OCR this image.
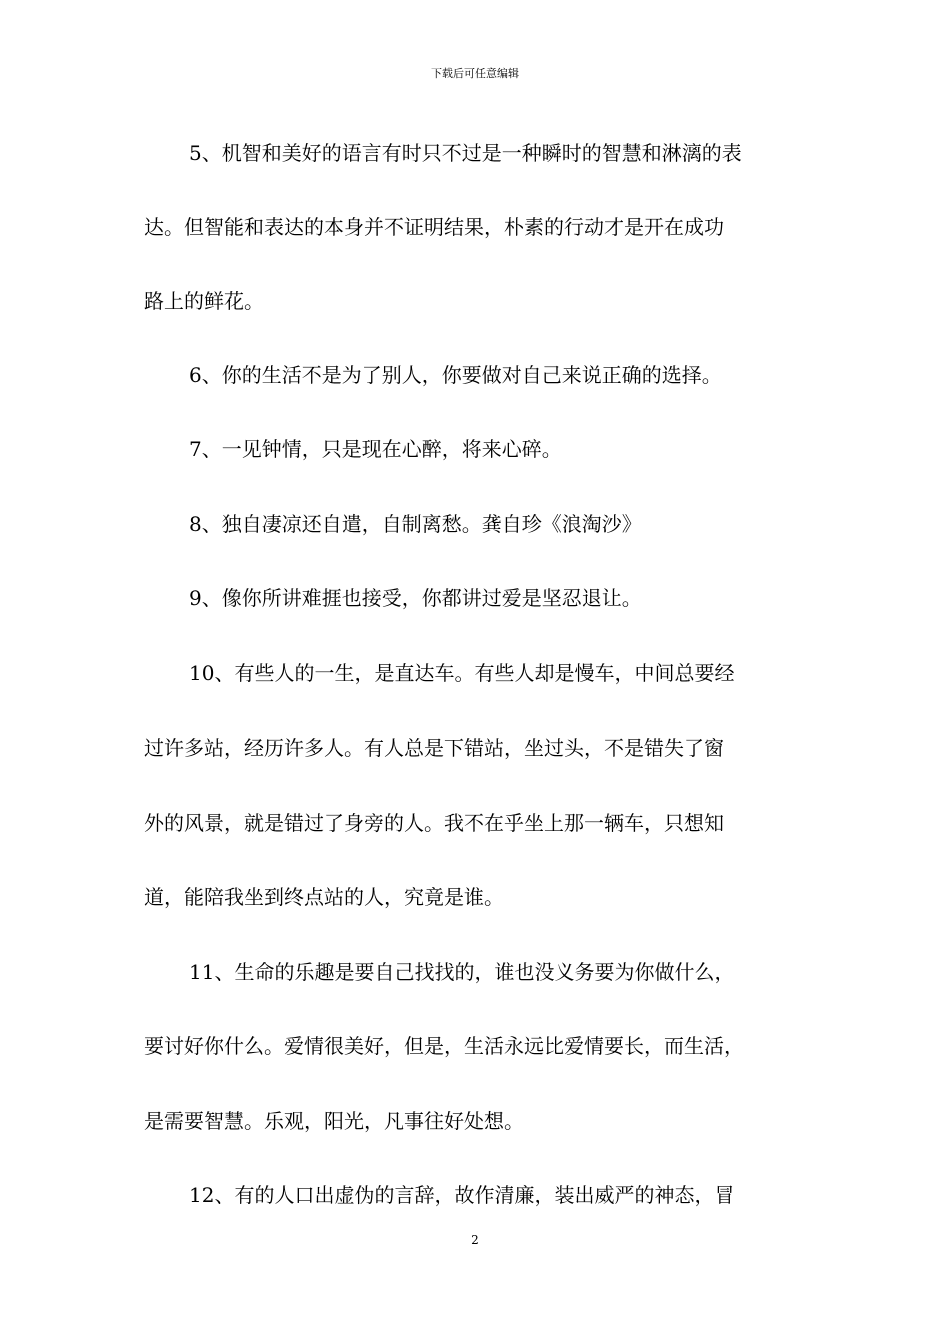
下载后可任意编辑
5、机智和美好的语言有时只不过是一种瞬时的智慧和淋漓的表
达。但智能和表达的本身并不证明结果，朴素的行动才是开在成功
路上的鲜花。
6、你的生活不是为了别人，你要做对自己来说正确的选择。
7、一见钟情，只是现在心醉，将来心碎。
8、独自凄凉还自遣，自制离愁。龚自珍《浪淘沙》
9、像你所讲难捱也接受，你都讲过爱是坚忍退让。
10、有些人的一生，是直达车。有些人却是慢车，中间总要经
过许多站，经历许多人。有人总是下错站，坐过头，不是错失了窗
外的风景，就是错过了身旁的人。我不在乎坐上那一辆车，只想知
道，能陪我坐到终点站的人，究竟是谁。
11、生命的乐趣是要自己找找的，谁也没义务要为你做什么，
要讨好你什么。爱情很美好，但是，生活永远比爱情要长，而生活，
是需要智慧。乐观，阳光，凡事往好处想。
12、有的人口出虚伪的言辞，故作清廉，装出威严的神态，冒
2
